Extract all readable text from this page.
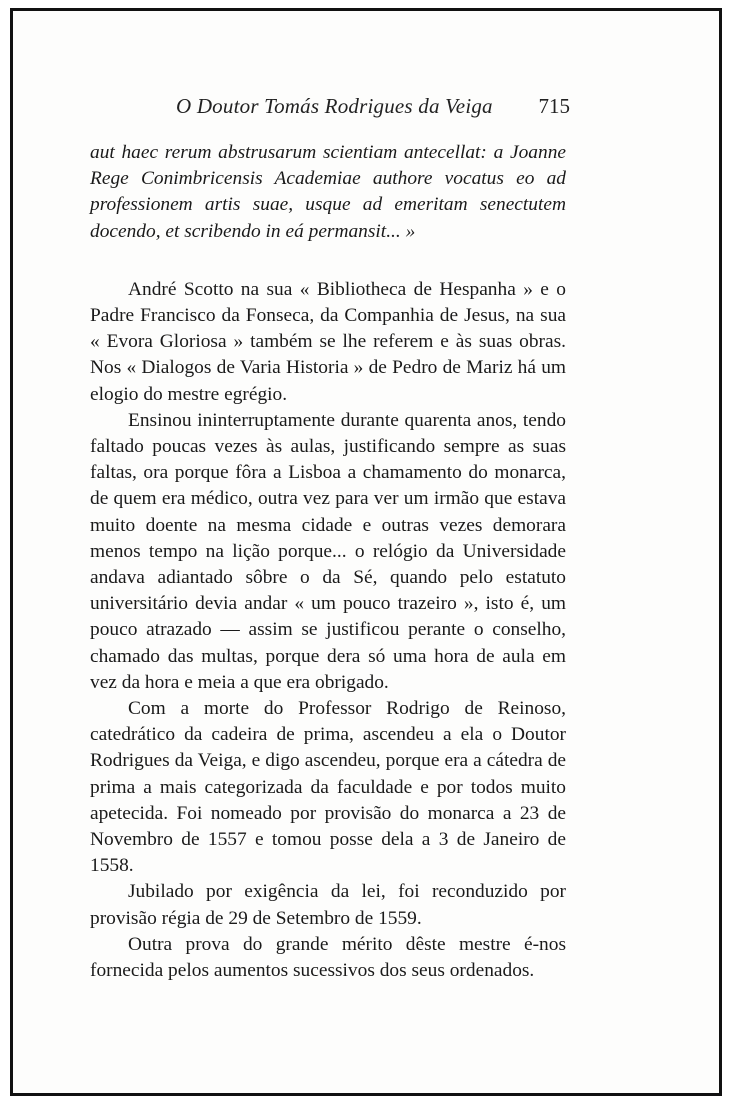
O Doutor Tomás Rodrigues da Veiga 715

aut haec rerum abstrusarum scientiam antecellat: a Joanne Rege Conimbricensis Academiae authore vocatus eo ad professionem artis suae, usque ad emeritam senectutem docendo, et scribendo in eá permansit... »

André Scotto na sua « Bibliotheca de Hespanha » e o Padre Francisco da Fonseca, da Companhia de Jesus, na sua « Evora Gloriosa » também se lhe referem e às suas obras. Nos « Dialogos de Varia Historia » de Pedro de Mariz há um elogio do mestre egrégio.

Ensinou ininterruptamente durante quarenta anos, tendo faltado poucas vezes às aulas, justificando sempre as suas faltas, ora porque fôra a Lisboa a chamamento do monarca, de quem era médico, outra vez para ver um irmão que estava muito doente na mesma cidade e outras vezes demorara menos tempo na lição porque... o relógio da Universidade andava adiantado sôbre o da Sé, quando pelo estatuto universitário devia andar « um pouco trazeiro », isto é, um pouco atrazado — assim se justificou perante o conselho, chamado das multas, porque dera só uma hora de aula em vez da hora e meia a que era obrigado.

Com a morte do Professor Rodrigo de Reinoso, catedrático da cadeira de prima, ascendeu a ela o Doutor Rodrigues da Veiga, e digo ascendeu, porque era a cátedra de prima a mais categorizada da faculdade e por todos muito apetecida. Foi nomeado por provisão do monarca a 23 de Novembro de 1557 e tomou posse dela a 3 de Janeiro de 1558.

Jubilado por exigência da lei, foi reconduzido por provisão régia de 29 de Setembro de 1559.

Outra prova do grande mérito dêste mestre é-nos fornecida pelos aumentos sucessivos dos seus ordenados.
